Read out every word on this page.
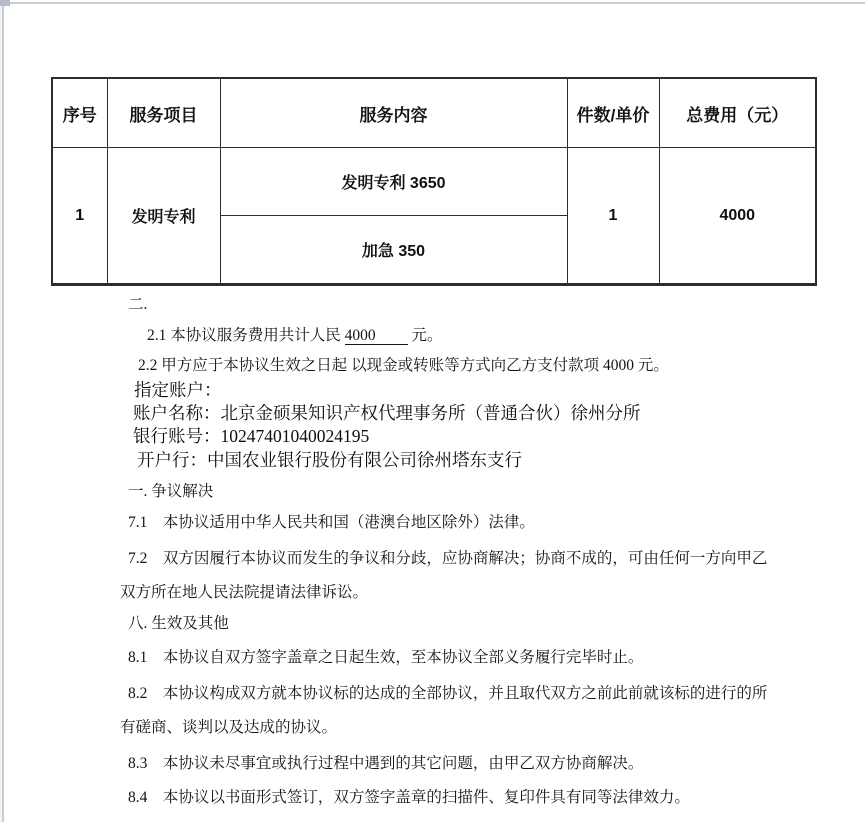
序号	服务项目	服务内容	件数/单价	总费用（元）
1	发明专利	发明专利 3650	1	4000
		加急 350		
二.
2.1 本协议服务费用共计人民 4000 元。
2.2 甲方应于本协议生效之日起 以现金或转账等方式向乙方支付款项 4000 元。
指定账户：
账户名称：北京金硕果知识产权代理事务所（普通合伙）徐州分所
银行账号：10247401040024195
开户行：中国农业银行股份有限公司徐州塔东支行
一. 争议解决
7.1　本协议适用中华人民共和国（港澳台地区除外）法律。
7.2　双方因履行本协议而发生的争议和分歧，应协商解决；协商不成的，可由任何一方向甲乙
双方所在地人民法院提请法律诉讼。
八. 生效及其他
8.1　本协议自双方签字盖章之日起生效，至本协议全部义务履行完毕时止。
8.2　本协议构成双方就本协议标的达成的全部协议，并且取代双方之前此前就该标的进行的所
有磋商、谈判以及达成的协议。
8.3　本协议未尽事宜或执行过程中遇到的其它问题，由甲乙双方协商解决。
8.4　本协议以书面形式签订，双方签字盖章的扫描件、复印件具有同等法律效力。
